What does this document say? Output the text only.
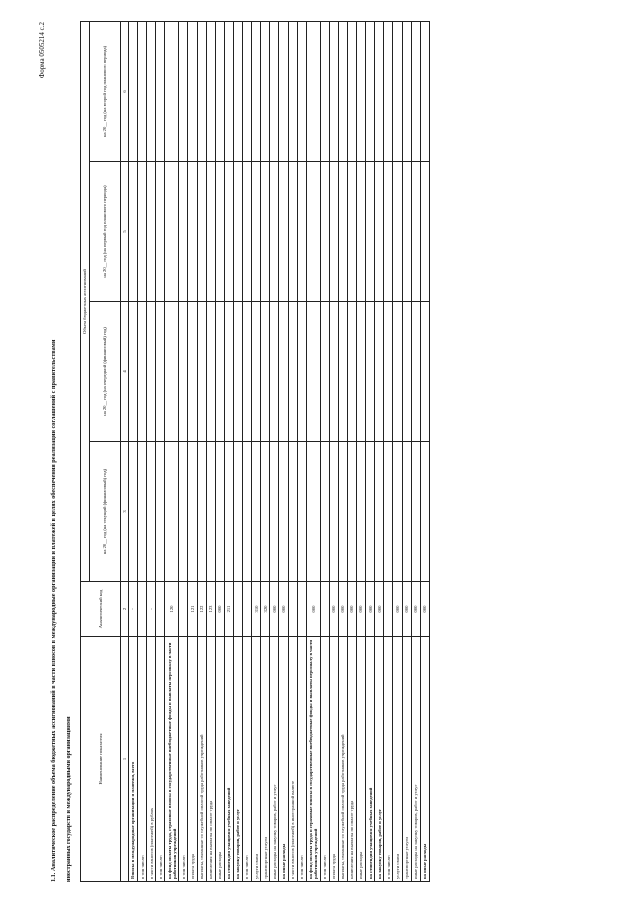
Форма 0505214 с.2
1.1. Аналитическое распределение объема бюджетных ассигнований в части взносов в международные организации и платежей в целях обеспечения реализации соглашений с правительствами иностранных государств и международными организациями	Наименование показателя	Аналитический код	Объем бюджетных ассигнований			
		на 20__ год (на текущий (финансовый) год)	на 20__ год (на очередной (финансовый) год)	на 20__ год (на первый год планового периода)	на 20__ год (на второй год планового периода)
1	2	3	4	5	6
Взносы в международные организации и платежи, всего	-				
в том числе:					
в части взносов (платежей) в рублях	-				
в том числе:					
на фонд оплаты труда, страховые взносы в государственные внебюджетные фонды и выплаты персоналу в части работников учреждений	120				
в том числе:					
оплата труда	121				
выплаты, связанные со служебной оплатой труда работников учреждений	122				
начисления на выплаты по оплате труда	123				
иные расходы	000				
на стипендии учащимся учебных заведений	211				
на закупку товаров, работ и услуг					
в том числе:					
услуги связи	310				
транспортные услуги	320				
иные расходы на закупку товаров, работ и услуг	000				
на иные расходы	000				
в части взносов (платежей) в иностранной валюте					
в том числе:					
на фонд оплаты труда и страховые взносы в государственные внебюджетные фонды и выплаты персоналу в части работников учреждений	000				
в том числе:					
оплата труда	000				
выплаты, связанные со служебной оплатой труда работников учреждений	000				
начисления на выплаты по оплате труда	000				
иные расходы	000				
на стипендии учащимся учебных заведений	000				
на закупку товаров, работ и услуг	000				
в том числе:					
услуги связи	000				
транспортные услуги	000				
иные расходы на закупку товаров, работ и услуг	000				
на иные расходы	000				
